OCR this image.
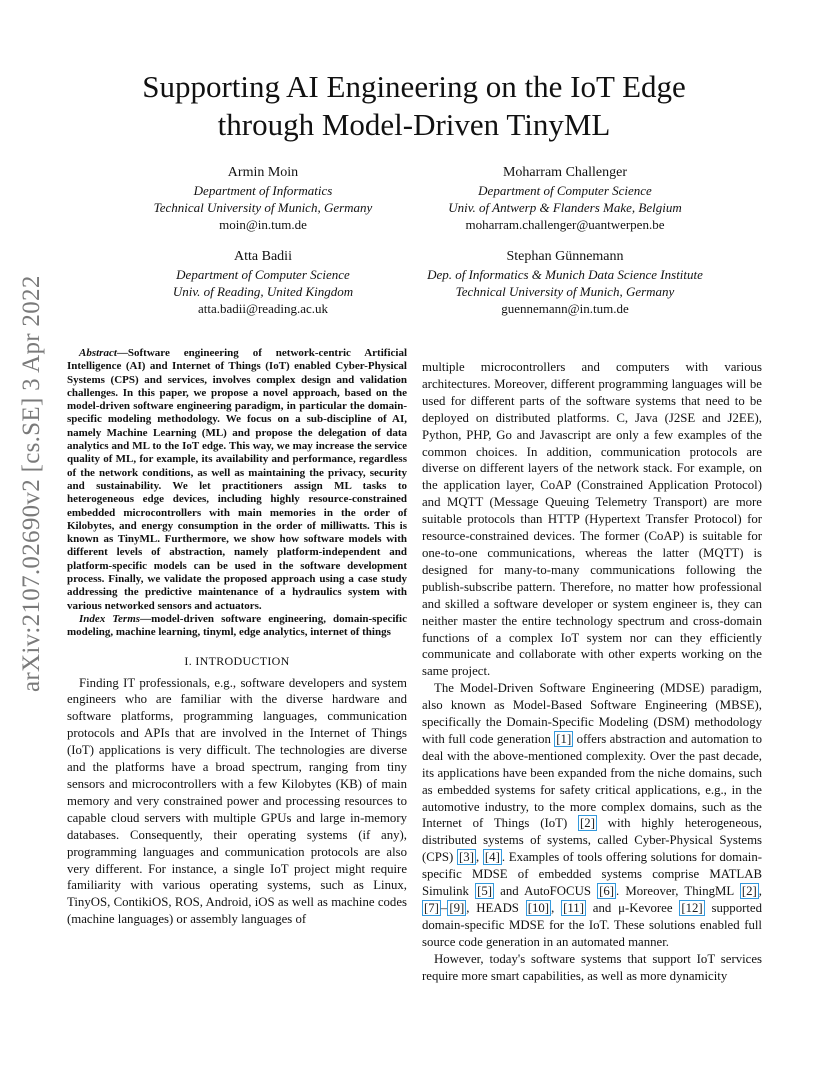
arXiv:2107.02690v2 [cs.SE] 3 Apr 2022
Supporting AI Engineering on the IoT Edge
through Model-Driven TinyML
Armin Moin
Department of Informatics
Technical University of Munich, Germany
moin@in.tum.de
Moharram Challenger
Department of Computer Science
Univ. of Antwerp & Flanders Make, Belgium
moharram.challenger@uantwerpen.be
Atta Badii
Department of Computer Science
Univ. of Reading, United Kingdom
atta.badii@reading.ac.uk
Stephan Günnemann
Dep. of Informatics & Munich Data Science Institute
Technical University of Munich, Germany
guennemann@in.tum.de

Abstract—Software engineering of network-centric Artificial Intelligence (AI) and Internet of Things (IoT) enabled Cyber-Physical Systems (CPS) and services, involves complex design and validation challenges. In this paper, we propose a novel approach, based on the model-driven software engineering paradigm, in particular the domain-specific modeling methodology. We focus on a sub-discipline of AI, namely Machine Learning (ML) and propose the delegation of data analytics and ML to the IoT edge. This way, we may increase the service quality of ML, for example, its availability and performance, regardless of the network conditions, as well as maintaining the privacy, security and sustainability. We let practitioners assign ML tasks to heterogeneous edge devices, including highly resource-constrained embedded microcontrollers with main memories in the order of Kilobytes, and energy consumption in the order of milliwatts. This is known as TinyML. Furthermore, we show how software models with different levels of abstraction, namely platform-independent and platform-specific models can be used in the software development process. Finally, we validate the proposed approach using a case study addressing the predictive maintenance of a hydraulics system with various networked sensors and actuators.

Index Terms—model-driven software engineering, domain-specific modeling, machine learning, tinyml, edge analytics, internet of things

I. INTRODUCTION

Finding IT professionals, e.g., software developers and system engineers who are familiar with the diverse hardware and software platforms, programming languages, communication protocols and APIs that are involved in the Internet of Things (IoT) applications is very difficult. The technologies are diverse and the platforms have a broad spectrum, ranging from tiny sensors and microcontrollers with a few Kilobytes (KB) of main memory and very constrained power and processing resources to capable cloud servers with multiple GPUs and large in-memory databases. Consequently, their operating systems (if any), programming languages and communication protocols are also very different. For instance, a single IoT project might require familiarity with various operating systems, such as Linux, TinyOS, ContikiOS, ROS, Android, iOS as well as machine codes (machine languages) or assembly languages of

multiple microcontrollers and computers with various architectures. Moreover, different programming languages will be used for different parts of the software systems that need to be deployed on distributed platforms. C, Java (J2SE and J2EE), Python, PHP, Go and Javascript are only a few examples of the common choices. In addition, communication protocols are diverse on different layers of the network stack. For example, on the application layer, CoAP (Constrained Application Protocol) and MQTT (Message Queuing Telemetry Transport) are more suitable protocols than HTTP (Hypertext Transfer Protocol) for resource-constrained devices. The former (CoAP) is suitable for one-to-one communications, whereas the latter (MQTT) is designed for many-to-many communications following the publish-subscribe pattern. Therefore, no matter how professional and skilled a software developer or system engineer is, they can neither master the entire technology spectrum and cross-domain functions of a complex IoT system nor can they efficiently communicate and collaborate with other experts working on the same project.

The Model-Driven Software Engineering (MDSE) paradigm, also known as Model-Based Software Engineering (MBSE), specifically the Domain-Specific Modeling (DSM) methodology with full code generation [1] offers abstraction and automation to deal with the above-mentioned complexity. Over the past decade, its applications have been expanded from the niche domains, such as embedded systems for safety critical applications, e.g., in the automotive industry, to the more complex domains, such as the Internet of Things (IoT) [2] with highly heterogeneous, distributed systems of systems, called Cyber-Physical Systems (CPS) [3] , [4] . Examples of tools offering solutions for domain-specific MDSE of embedded systems comprise MATLAB Simulink [5] and AutoFOCUS [6] . Moreover, ThingML [2] , [7] – [9] , HEADS [10] , [11] and μ-Kevoree [12] supported domain-specific MDSE for the IoT. These solutions enabled full source code generation in an automated manner.

However, today's software systems that support IoT services require more smart capabilities, as well as more dynamicity
